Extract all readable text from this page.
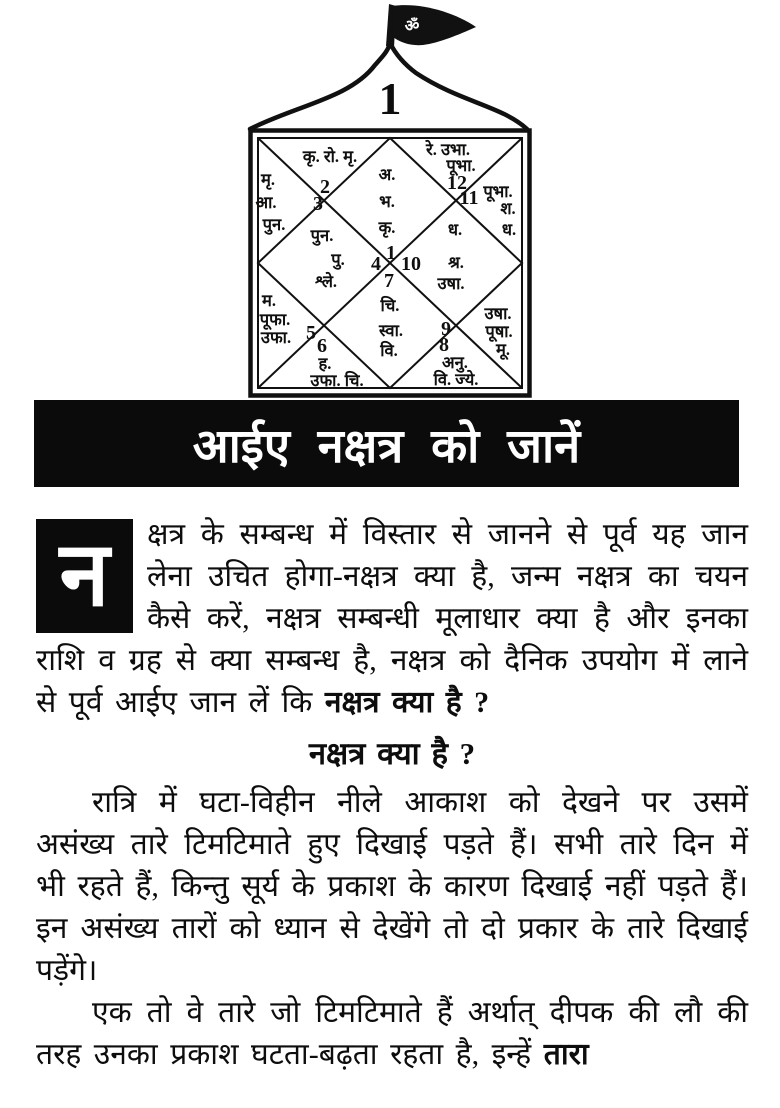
ॐ
1
अ.
भ.
कृ.
1
कृ. रो. मृ.
2
मृ.
आ.
पुन.
3
पुन.
पु.
श्ले.
4
म.
पूफा.
उफा. 5
ह.
उफा. चि.
6
चि.
स्वा.
वि.
7
अनु.
वि. ज्ये.
8
उषा.
पूषा.
मू.
9
ध.
श्र.
उषा.
10
पूभा.
श.
ध.
11
रे. उभा.
पूभा.
12
आईए नक्षत्र को जानें

न	क्षत्र के सम्बन्ध में विस्तार से जानने से पूर्व यह जान लेना उचित होगा-नक्षत्र क्या है, जन्म नक्षत्र का चयन कैसे करें, नक्षत्र सम्बन्धी मूलाधार क्या है और इनका राशि व ग्रह से क्या सम्बन्ध है, नक्षत्र को दैनिक उपयोग में लाने से पूर्व आईए जान लें कि नक्षत्र क्या है ?

नक्षत्र क्या है ?

रात्रि में घटा-विहीन नीले आकाश को देखने पर उसमें असंख्य तारे टिमटिमाते हुए दिखाई पड़ते हैं। सभी तारे दिन में भी रहते हैं, किन्तु सूर्य के प्रकाश के कारण दिखाई नहीं पड़ते हैं। इन असंख्य तारों को ध्यान से देखेंगे तो दो प्रकार के तारे दिखाई पड़ेंगे।

एक तो वे तारे जो टिमटिमाते हैं अर्थात् दीपक की लौ की तरह उनका प्रकाश घटता-बढ़ता रहता है, इन्हें तारा
